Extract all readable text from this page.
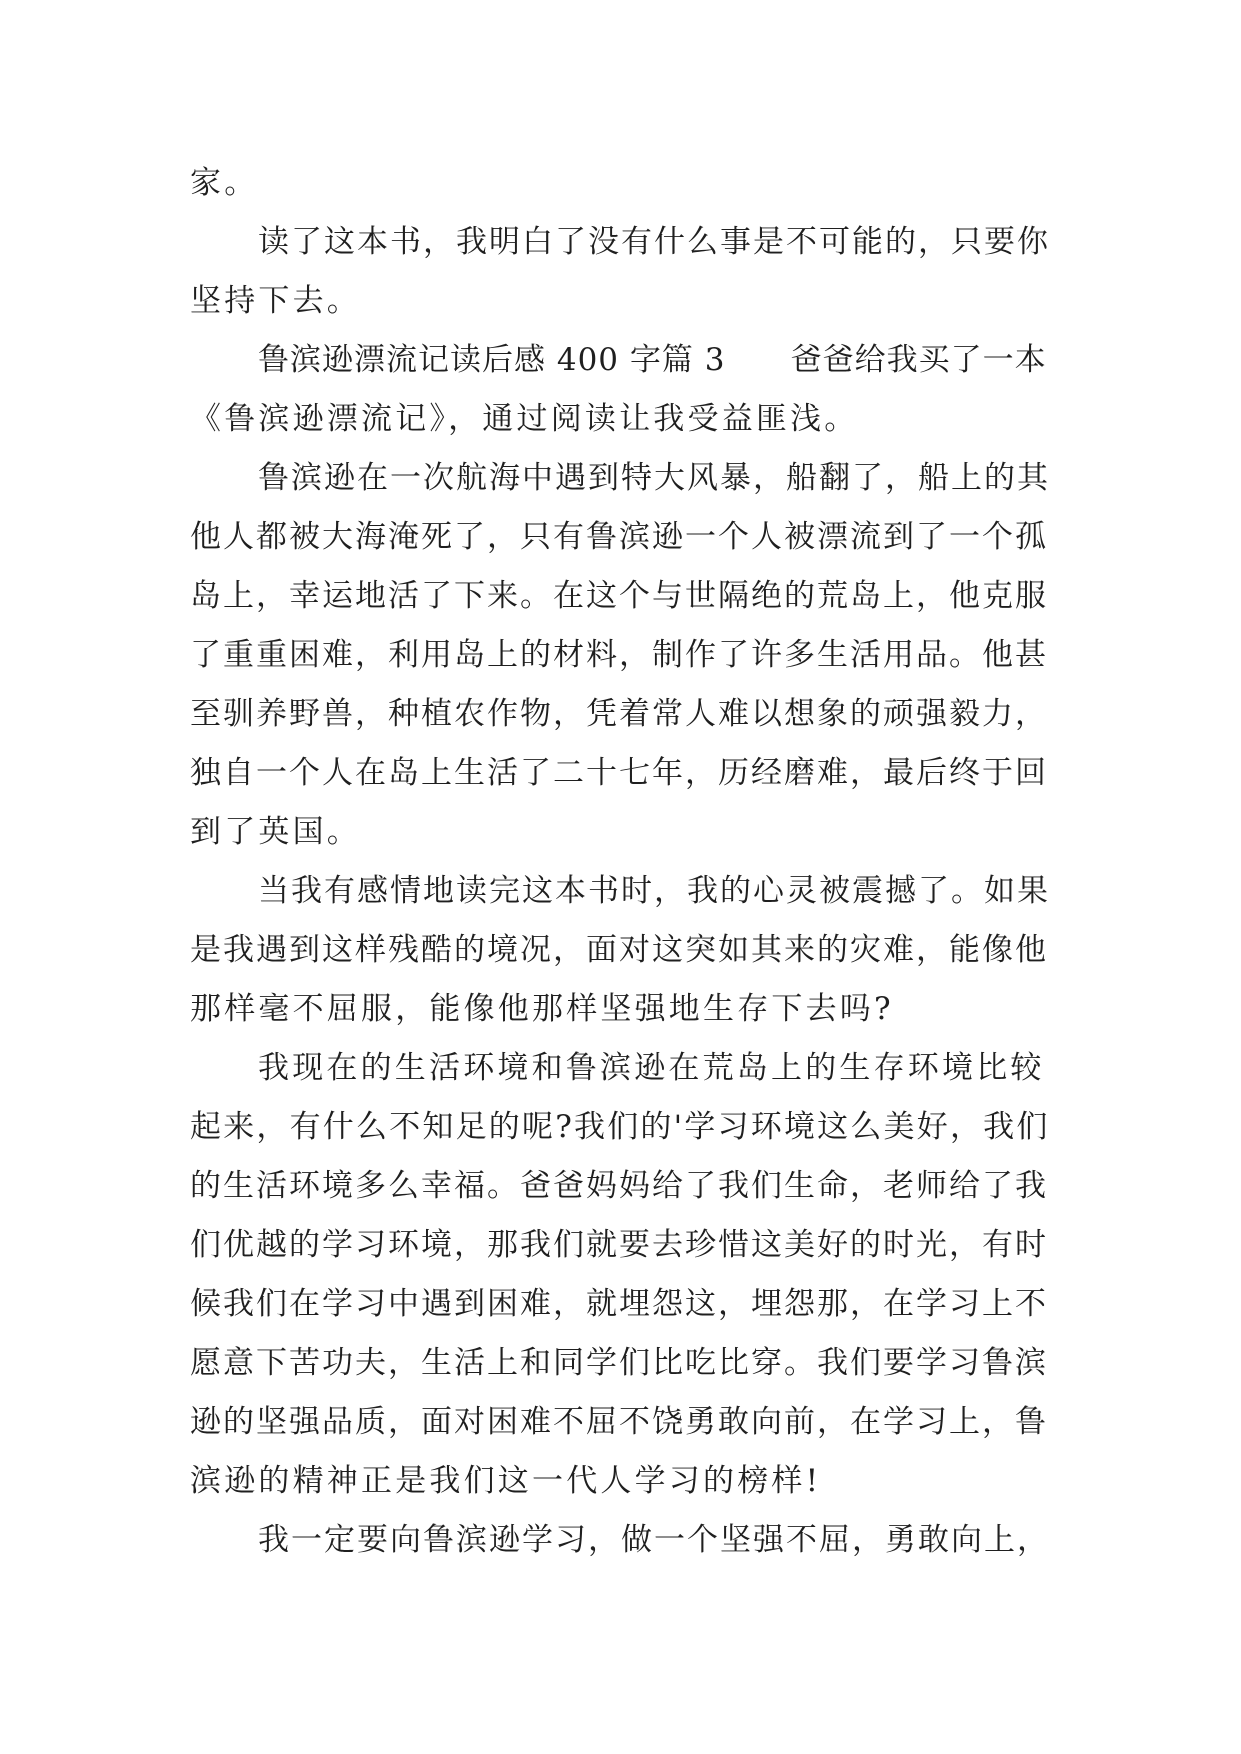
家。
读了这本书，我明白了没有什么事是不可能的，只要你
坚持下去。
鲁滨逊漂流记读后感 400 字篇 3      爸爸给我买了一本
《鲁滨逊漂流记》，通过阅读让我受益匪浅。
鲁滨逊在一次航海中遇到特大风暴，船翻了，船上的其
他人都被大海淹死了，只有鲁滨逊一个人被漂流到了一个孤
岛上，幸运地活了下来。在这个与世隔绝的荒岛上，他克服
了重重困难，利用岛上的材料，制作了许多生活用品。他甚
至驯养野兽，种植农作物，凭着常人难以想象的顽强毅力，
独自一个人在岛上生活了二十七年，历经磨难，最后终于回
到了英国。
当我有感情地读完这本书时，我的心灵被震撼了。如果
是我遇到这样残酷的境况，面对这突如其来的灾难，能像他
那样毫不屈服，能像他那样坚强地生存下去吗?
我现在的生活环境和鲁滨逊在荒岛上的生存环境比较
起来，有什么不知足的呢?我们的'学习环境这么美好，我们
的生活环境多么幸福。爸爸妈妈给了我们生命，老师给了我
们优越的学习环境，那我们就要去珍惜这美好的时光，有时
候我们在学习中遇到困难，就埋怨这，埋怨那，在学习上不
愿意下苦功夫，生活上和同学们比吃比穿。我们要学习鲁滨
逊的坚强品质，面对困难不屈不饶勇敢向前，在学习上，鲁
滨逊的精神正是我们这一代人学习的榜样!
我一定要向鲁滨逊学习，做一个坚强不屈，勇敢向上，
